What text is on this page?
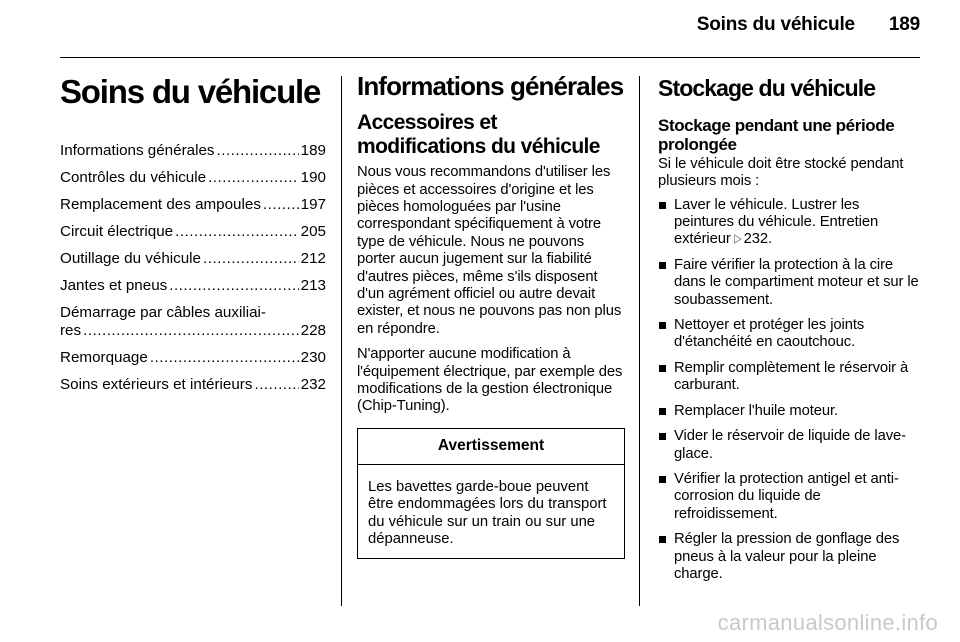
Soins du véhicule 189
Soins du véhicule
Informations générales .....	189
Contrôles du véhicule .....	190
Remplacement des ampoules .....	197
Circuit électrique .....	205
Outillage du véhicule .....	212
Jantes et pneus .....	213
Démarrage par câbles auxiliai-
res .....	228
Remorquage .....	230
Soins extérieurs et intérieurs .....	232
Informations générales
Accessoires et modifications du véhicule

Nous vous recommandons d'utiliser les pièces et accessoires d'origine et les pièces homologuées par l'usine correspondant spécifiquement à votre type de véhicule. Nous ne pouvons porter aucun jugement sur la fiabilité d'autres pièces, même s'ils disposent d'un agrément officiel ou autre devait exister, et nous ne pouvons pas non plus en répondre.

N'apporter aucune modification à l'équipement électrique, par exemple des modifications de la gestion électronique (Chip-Tuning).

Avertissement
Les bavettes garde-boue peuvent être endommagées lors du transport du véhicule sur un train ou sur une dépanneuse.
Stockage du véhicule
Stockage pendant une période prolongée

Si le véhicule doit être stocké pendant plusieurs mois :

Laver le véhicule. Lustrer les peintures du véhicule. Entretien extérieur 232.
Faire vérifier la protection à la cire dans le compartiment moteur et sur le soubassement.
Nettoyer et protéger les joints d'étanchéité en caoutchouc.
Remplir complètement le réservoir à carburant.
Remplacer l'huile moteur.
Vider le réservoir de liquide de lave-glace.
Vérifier la protection antigel et anti-corrosion du liquide de refroidissement.
Régler la pression de gonflage des pneus à la valeur pour la pleine charge.
carmanualsonline.info
